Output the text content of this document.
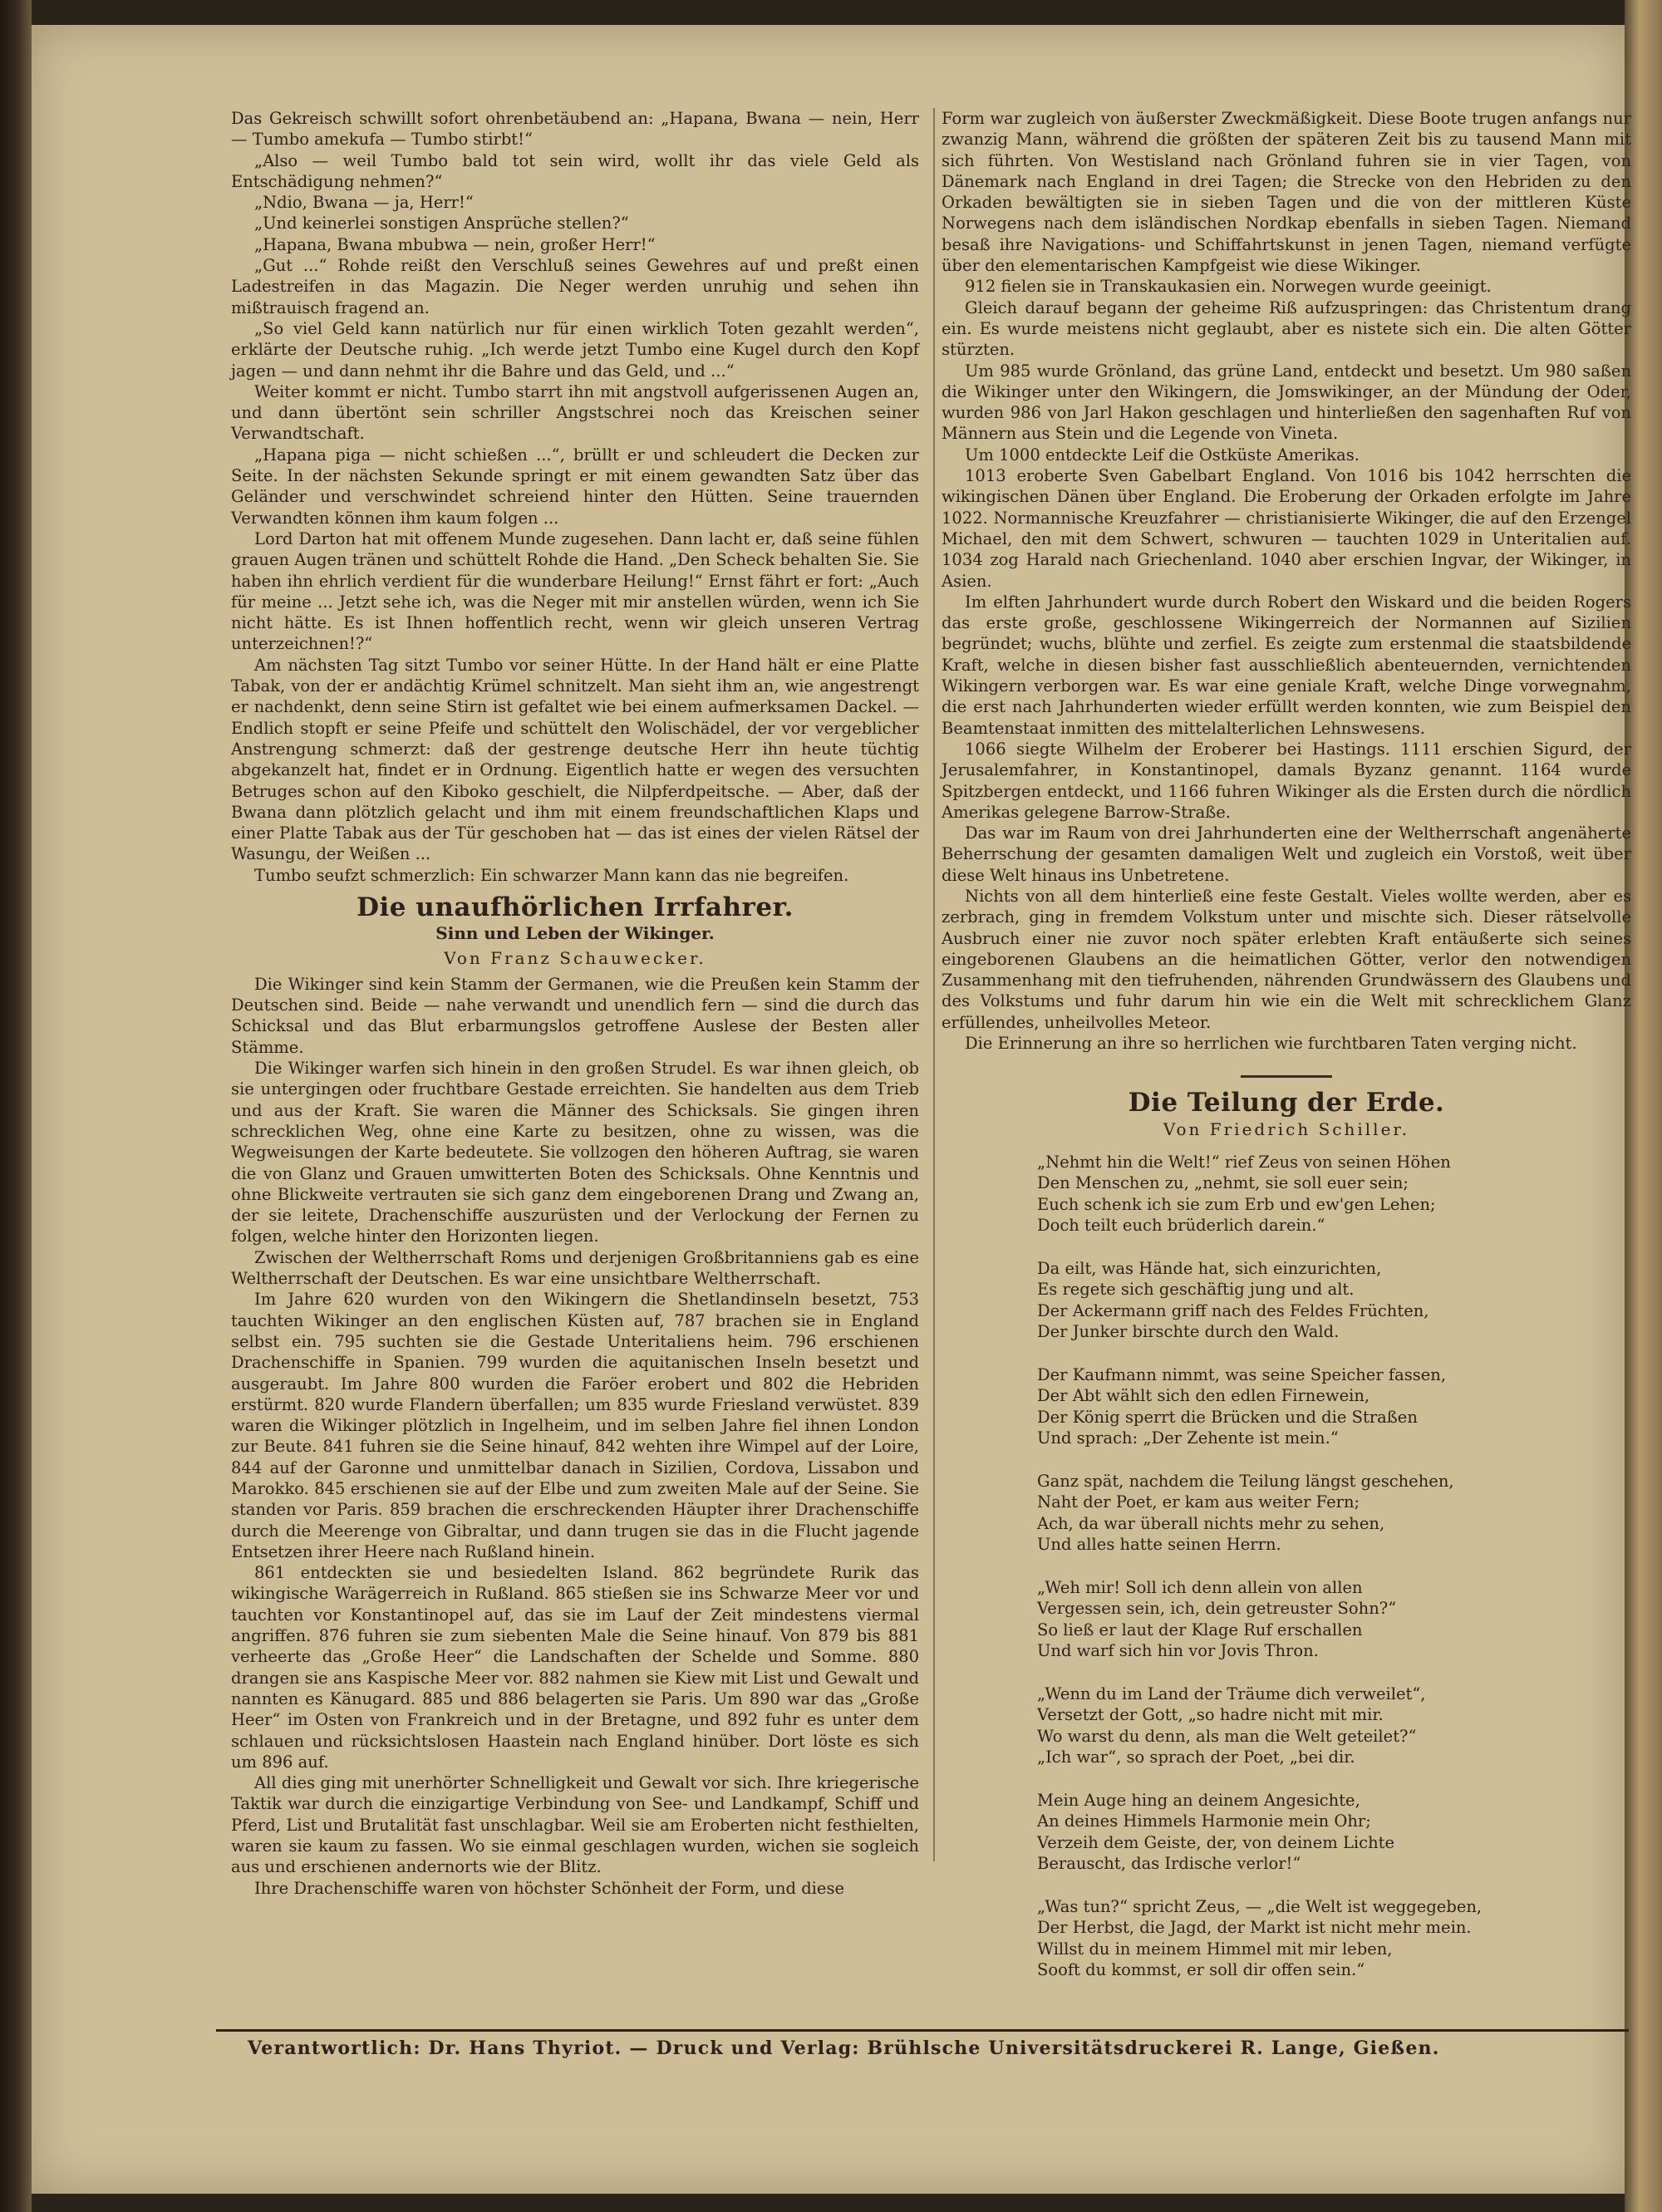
Das Gekreisch schwillt sofort ohrenbetäubend an: „Hapana, Bwana — nein, Herr — Tumbo amekufa — Tumbo stirbt!“

„Also — weil Tumbo bald tot sein wird, wollt ihr das viele Geld als Entschädigung nehmen?“

„Ndio, Bwana — ja, Herr!“

„Und keinerlei sonstigen Ansprüche stellen?“

„Hapana, Bwana mbubwa — nein, großer Herr!“

„Gut ...“ Rohde reißt den Verschluß seines Gewehres auf und preßt einen Ladestreifen in das Magazin. Die Neger werden unruhig und sehen ihn mißtrauisch fragend an.

„So viel Geld kann natürlich nur für einen wirklich Toten gezahlt werden“, erklärte der Deutsche ruhig. „Ich werde jetzt Tumbo eine Kugel durch den Kopf jagen — und dann nehmt ihr die Bahre und das Geld, und ...“

Weiter kommt er nicht. Tumbo starrt ihn mit angstvoll aufgerissenen Augen an, und dann übertönt sein schriller Angstschrei noch das Kreischen seiner Verwandtschaft.

„Hapana piga — nicht schießen ...“, brüllt er und schleudert die Decken zur Seite. In der nächsten Sekunde springt er mit einem gewandten Satz über das Geländer und verschwindet schreiend hinter den Hütten. Seine trauernden Verwandten können ihm kaum folgen ...

Lord Darton hat mit offenem Munde zugesehen. Dann lacht er, daß seine fühlen grauen Augen tränen und schüttelt Rohde die Hand. „Den Scheck behalten Sie. Sie haben ihn ehrlich verdient für die wunderbare Heilung!“ Ernst fährt er fort: „Auch für meine ... Jetzt sehe ich, was die Neger mit mir anstellen würden, wenn ich Sie nicht hätte. Es ist Ihnen hoffentlich recht, wenn wir gleich unseren Vertrag unterzeichnen!?“

Am nächsten Tag sitzt Tumbo vor seiner Hütte. In der Hand hält er eine Platte Tabak, von der er andächtig Krümel schnitzelt. Man sieht ihm an, wie angestrengt er nachdenkt, denn seine Stirn ist gefaltet wie bei einem aufmerksamen Dackel. — Endlich stopft er seine Pfeife und schüttelt den Wolischädel, der vor vergeblicher Anstrengung schmerzt: daß der gestrenge deutsche Herr ihn heute tüchtig abgekanzelt hat, findet er in Ordnung. Eigentlich hatte er wegen des versuchten Betruges schon auf den Kiboko geschielt, die Nilpferdpeitsche. — Aber, daß der Bwana dann plötzlich gelacht und ihm mit einem freundschaftlichen Klaps und einer Platte Tabak aus der Tür geschoben hat — das ist eines der vielen Rätsel der Wasungu, der Weißen ...

Tumbo seufzt schmerzlich: Ein schwarzer Mann kann das nie begreifen.

Die unaufhörlichen Irrfahrer.
Sinn und Leben der Wikinger.
Von Franz Schauwecker.

Die Wikinger sind kein Stamm der Germanen, wie die Preußen kein Stamm der Deutschen sind. Beide — nahe verwandt und unendlich fern — sind die durch das Schicksal und das Blut erbarmungslos getroffene Auslese der Besten aller Stämme.

Die Wikinger warfen sich hinein in den großen Strudel. Es war ihnen gleich, ob sie untergingen oder fruchtbare Gestade erreichten. Sie handelten aus dem Trieb und aus der Kraft. Sie waren die Männer des Schicksals. Sie gingen ihren schrecklichen Weg, ohne eine Karte zu besitzen, ohne zu wissen, was die Wegweisungen der Karte bedeutete. Sie vollzogen den höheren Auftrag, sie waren die von Glanz und Grauen umwitterten Boten des Schicksals. Ohne Kenntnis und ohne Blickweite vertrauten sie sich ganz dem eingeborenen Drang und Zwang an, der sie leitete, Drachenschiffe auszurüsten und der Verlockung der Fernen zu folgen, welche hinter den Horizonten liegen.

Zwischen der Weltherrschaft Roms und derjenigen Großbritanniens gab es eine Weltherrschaft der Deutschen. Es war eine unsichtbare Weltherrschaft.

Im Jahre 620 wurden von den Wikingern die Shetlandinseln besetzt, 753 tauchten Wikinger an den englischen Küsten auf, 787 brachen sie in England selbst ein. 795 suchten sie die Gestade Unteritaliens heim. 796 erschienen Drachenschiffe in Spanien. 799 wurden die aquitanischen Inseln besetzt und ausgeraubt. Im Jahre 800 wurden die Faröer erobert und 802 die Hebriden erstürmt. 820 wurde Flandern überfallen; um 835 wurde Friesland verwüstet. 839 waren die Wikinger plötzlich in Ingelheim, und im selben Jahre fiel ihnen London zur Beute. 841 fuhren sie die Seine hinauf, 842 wehten ihre Wimpel auf der Loire, 844 auf der Garonne und unmittelbar danach in Sizilien, Cordova, Lissabon und Marokko. 845 erschienen sie auf der Elbe und zum zweiten Male auf der Seine. Sie standen vor Paris. 859 brachen die erschreckenden Häupter ihrer Drachenschiffe durch die Meerenge von Gibraltar, und dann trugen sie das in die Flucht jagende Entsetzen ihrer Heere nach Rußland hinein.

861 entdeckten sie und besiedelten Island. 862 begründete Rurik das wikingische Warägerreich in Rußland. 865 stießen sie ins Schwarze Meer vor und tauchten vor Konstantinopel auf, das sie im Lauf der Zeit mindestens viermal angriffen. 876 fuhren sie zum siebenten Male die Seine hinauf. Von 879 bis 881 verheerte das „Große Heer“ die Landschaften der Schelde und Somme. 880 drangen sie ans Kaspische Meer vor. 882 nahmen sie Kiew mit List und Gewalt und nannten es Känugard. 885 und 886 belagerten sie Paris. Um 890 war das „Große Heer“ im Osten von Frankreich und in der Bretagne, und 892 fuhr es unter dem schlauen und rücksichtslosen Haastein nach England hinüber. Dort löste es sich um 896 auf.

All dies ging mit unerhörter Schnelligkeit und Gewalt vor sich. Ihre kriegerische Taktik war durch die einzigartige Verbindung von See- und Landkampf, Schiff und Pferd, List und Brutalität fast unschlagbar. Weil sie am Eroberten nicht festhielten, waren sie kaum zu fassen. Wo sie einmal geschlagen wurden, wichen sie sogleich aus und erschienen andernorts wie der Blitz.

Ihre Drachenschiffe waren von höchster Schönheit der Form, und diese

Form war zugleich von äußerster Zweckmäßigkeit. Diese Boote trugen anfangs nur zwanzig Mann, während die größten der späteren Zeit bis zu tausend Mann mit sich führten. Von Westisland nach Grönland fuhren sie in vier Tagen, von Dänemark nach England in drei Tagen; die Strecke von den Hebriden zu den Orkaden bewältigten sie in sieben Tagen und die von der mittleren Küste Norwegens nach dem isländischen Nordkap ebenfalls in sieben Tagen. Niemand besaß ihre Navigations- und Schiffahrtskunst in jenen Tagen, niemand verfügte über den elementarischen Kampfgeist wie diese Wikinger.

912 fielen sie in Transkaukasien ein. Norwegen wurde geeinigt.

Gleich darauf begann der geheime Riß aufzuspringen: das Christentum drang ein. Es wurde meistens nicht geglaubt, aber es nistete sich ein. Die alten Götter stürzten.

Um 985 wurde Grönland, das grüne Land, entdeckt und besetzt. Um 980 saßen die Wikinger unter den Wikingern, die Jomswikinger, an der Mündung der Oder, wurden 986 von Jarl Hakon geschlagen und hinterließen den sagenhaften Ruf von Männern aus Stein und die Legende von Vineta.

Um 1000 entdeckte Leif die Ostküste Amerikas.

1013 eroberte Sven Gabelbart England. Von 1016 bis 1042 herrschten die wikingischen Dänen über England. Die Eroberung der Orkaden erfolgte im Jahre 1022. Normannische Kreuzfahrer — christianisierte Wikinger, die auf den Erzengel Michael, den mit dem Schwert, schwuren — tauchten 1029 in Unteritalien auf. 1034 zog Harald nach Griechenland. 1040 aber erschien Ingvar, der Wikinger, in Asien.

Im elften Jahrhundert wurde durch Robert den Wiskard und die beiden Rogers das erste große, geschlossene Wikingerreich der Normannen auf Sizilien begründet; wuchs, blühte und zerfiel. Es zeigte zum erstenmal die staatsbildende Kraft, welche in diesen bisher fast ausschließlich abenteuernden, vernichtenden Wikingern verborgen war. Es war eine geniale Kraft, welche Dinge vorwegnahm, die erst nach Jahrhunderten wieder erfüllt werden konnten, wie zum Beispiel den Beamtenstaat inmitten des mittelalterlichen Lehnswesens.

1066 siegte Wilhelm der Eroberer bei Hastings. 1111 erschien Sigurd, der Jerusalemfahrer, in Konstantinopel, damals Byzanz genannt. 1164 wurde Spitzbergen entdeckt, und 1166 fuhren Wikinger als die Ersten durch die nördlich Amerikas gelegene Barrow-Straße.

Das war im Raum von drei Jahrhunderten eine der Weltherrschaft angenäherte Beherrschung der gesamten damaligen Welt und zugleich ein Vorstoß, weit über diese Welt hinaus ins Unbetretene.

Nichts von all dem hinterließ eine feste Gestalt. Vieles wollte werden, aber es zerbrach, ging in fremdem Volkstum unter und mischte sich. Dieser rätselvolle Ausbruch einer nie zuvor noch später erlebten Kraft entäußerte sich seines eingeborenen Glaubens an die heimatlichen Götter, verlor den notwendigen Zusammenhang mit den tiefruhenden, nährenden Grundwässern des Glaubens und des Volkstums und fuhr darum hin wie ein die Welt mit schrecklichem Glanz erfüllendes, unheilvolles Meteor.

Die Erinnerung an ihre so herrlichen wie furchtbaren Taten verging nicht.

Die Teilung der Erde.
Von Friedrich Schiller.
„Nehmt hin die Welt!“ rief Zeus von seinen Höhen
Den Menschen zu, „nehmt, sie soll euer sein;
Euch schenk ich sie zum Erb und ew'gen Lehen;
Doch teilt euch brüderlich darein.“
Da eilt, was Hände hat, sich einzurichten,
Es regete sich geschäftig jung und alt.
Der Ackermann griff nach des Feldes Früchten,
Der Junker birschte durch den Wald.
Der Kaufmann nimmt, was seine Speicher fassen,
Der Abt wählt sich den edlen Firnewein,
Der König sperrt die Brücken und die Straßen
Und sprach: „Der Zehente ist mein.“
Ganz spät, nachdem die Teilung längst geschehen,
Naht der Poet, er kam aus weiter Fern;
Ach, da war überall nichts mehr zu sehen,
Und alles hatte seinen Herrn.
„Weh mir! Soll ich denn allein von allen
Vergessen sein, ich, dein getreuster Sohn?“
So ließ er laut der Klage Ruf erschallen
Und warf sich hin vor Jovis Thron.
„Wenn du im Land der Träume dich verweilet“,
Versetzt der Gott, „so hadre nicht mit mir.
Wo warst du denn, als man die Welt geteilet?“
„Ich war“, so sprach der Poet, „bei dir.
Mein Auge hing an deinem Angesichte,
An deines Himmels Harmonie mein Ohr;
Verzeih dem Geiste, der, von deinem Lichte
Berauscht, das Irdische verlor!“
„Was tun?“ spricht Zeus, — „die Welt ist weggegeben,
Der Herbst, die Jagd, der Markt ist nicht mehr mein.
Willst du in meinem Himmel mit mir leben,
Sooft du kommst, er soll dir offen sein.“
Verantwortlich: Dr. Hans Thyriot. — Druck und Verlag: Brühlsche Universitätsdruckerei R. Lange, Gießen.
